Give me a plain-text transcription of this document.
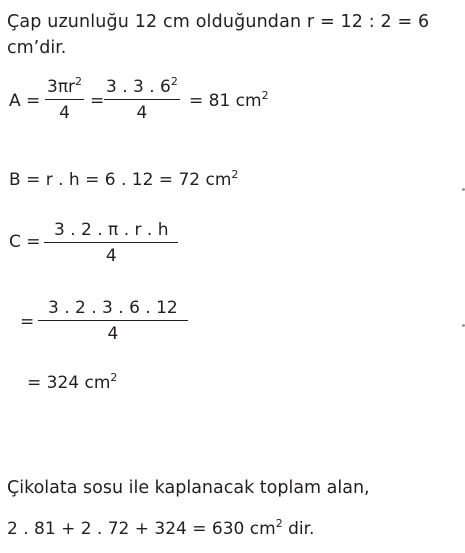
Çap uzunluğu 12 cm olduğundan r = 12 : 2 = 6
cm’dir.
A =
$3\pi r^2$
4
=
3 . 3 . $6^2$
4
= 81 $cm^2$
B = r . h = 6 . 12 = 72 $cm^2$
C =
3 . 2 . π . r . h
4
=
3 . 2 . 3 . 6 . 12
4
= 324 $cm^2$
Çikolata sosu ile kaplanacak toplam alan,
2 . 81 + 2 . 72 + 324 = 630 $cm^2$ dir.
